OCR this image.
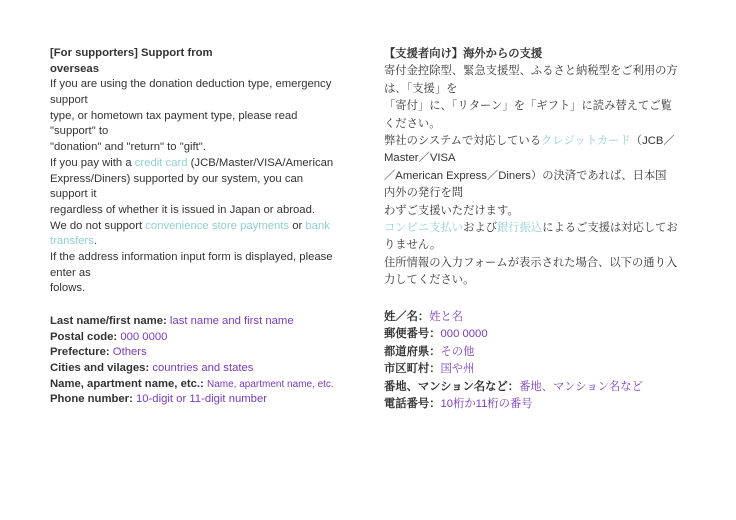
[For supporters] Support from
overseas
If you are using the donation deduction type, emergency
support
type, or hometown tax payment type, please read
"support" to
"donation" and "return" to "gift".
If you pay with a credit card (JCB/Master/VISA/American
Express/Diners) supported by our system, you can
support it
regardless of whether it is issued in Japan or abroad.
We do not support convenience store payments or bank
transfers.
If the address information input form is displayed, please
enter as
folows.
Last name/first name: last name and first name
Postal code: 000 0000
Prefecture: Others
Cities and vilages: countries and states
Name, apartment name, etc.: Name, apartment name, etc.
Phone number: 10-digit or 11-digit number
【支援者向け】海外からの支援
寄付金控除型、緊急支援型、ふるさと納税型をご利用の方
は、「支援」を
「寄付」に、「リターン」を「ギフト」に読み替えてご覧
ください。
弊社のシステムで対応しているクレジットカード（JCB／
Master／VISA
／American Express／Diners）の決済であれば、日本国
内外の発行を問
わずご支援いただけます。
コンビニ支払いおよび銀行振込によるご支援は対応してお
りません。
住所情報の入力フォームが表示された場合、以下の通り入
力してください。
姓／名：姓と名
郵便番号：000 0000
都道府県：その他
市区町村：国や州
番地、マンション名など：番地、マンション名など
電話番号：10桁か11桁の番号
